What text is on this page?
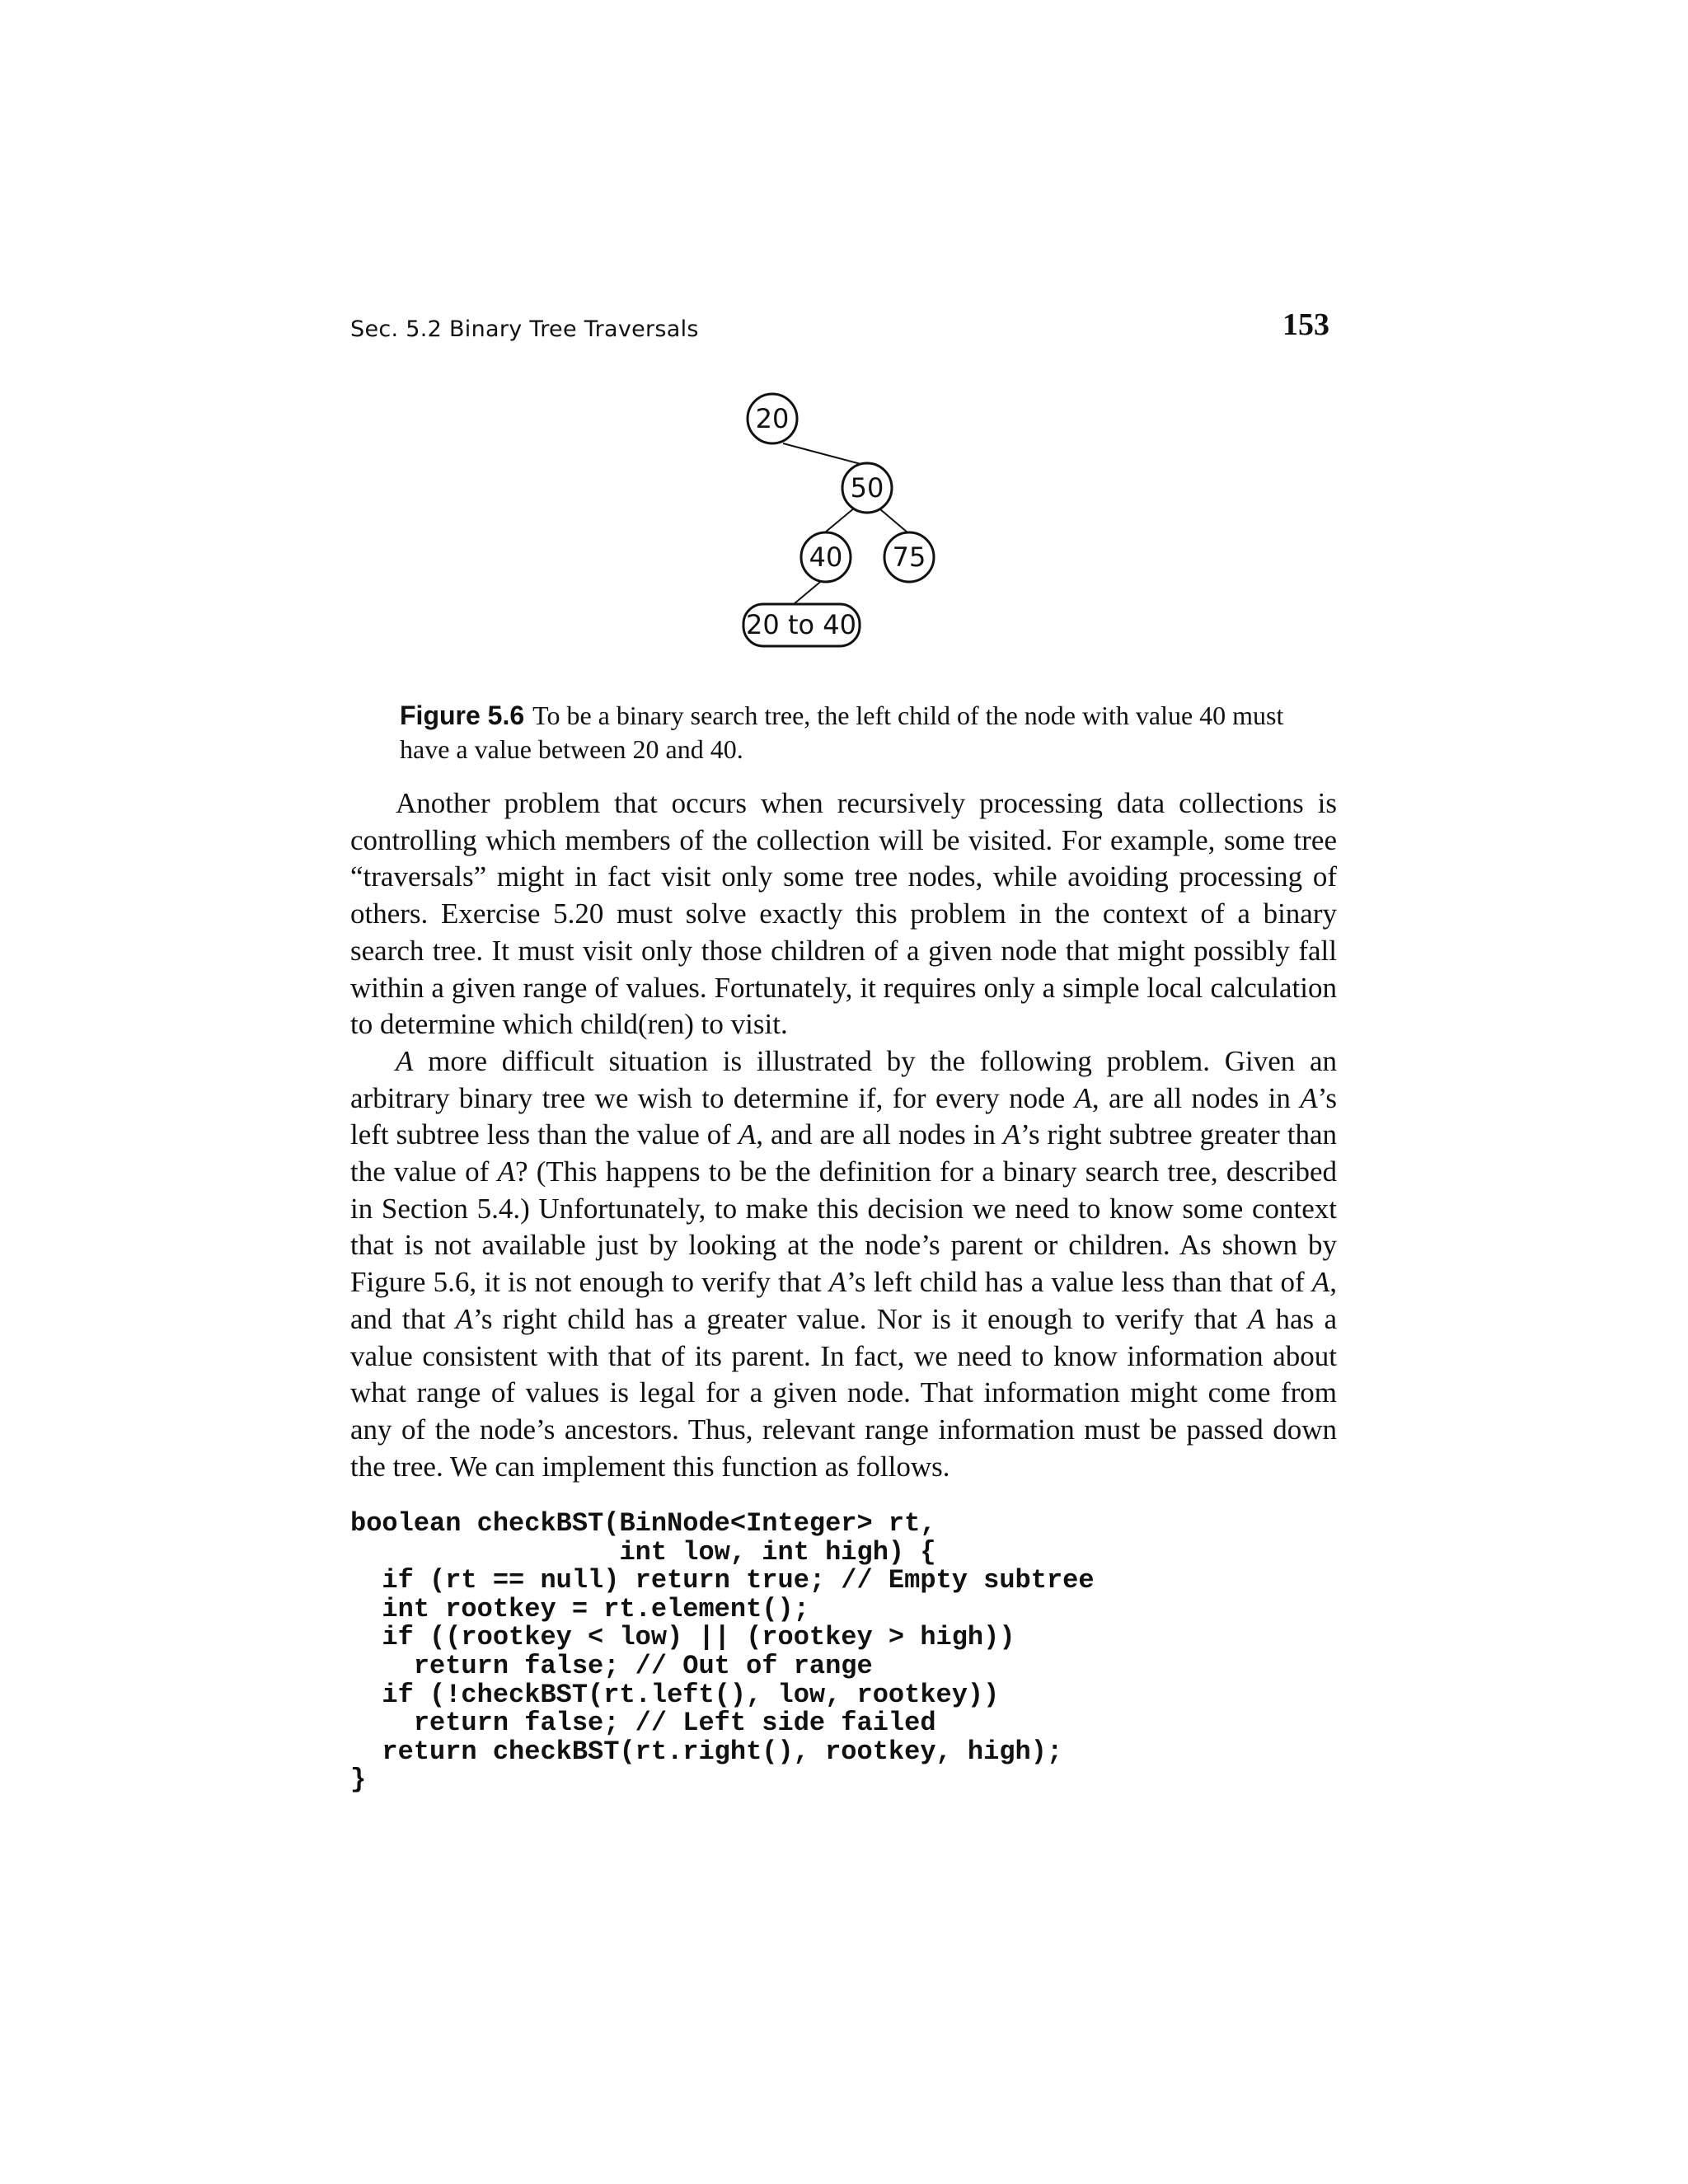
Sec. 5.2 Binary Tree Traversals	153
20
50
40 75
20 to 40
Figure 5.6 To be a binary search tree, the left child of the node with value 40 must have a value between 20 and 40.

Another problem that occurs when recursively processing data collections is controlling which members of the collection will be visited. For example, some tree “traversals” might in fact visit only some tree nodes, while avoiding processing of others. Exercise 5.20 must solve exactly this problem in the context of a binary search tree. It must visit only those children of a given node that might possibly fall within a given range of values. Fortunately, it requires only a simple local calculation to determine which child(ren) to visit.

A more difficult situation is illustrated by the following problem. Given an arbitrary binary tree we wish to determine if, for every node A, are all nodes in A’s left subtree less than the value of A, and are all nodes in A’s right subtree greater than the value of A? (This happens to be the definition for a binary search tree, described in Section 5.4.) Unfortunately, to make this decision we need to know some context that is not available just by looking at the node’s parent or children. As shown by Figure 5.6, it is not enough to verify that A’s left child has a value less than that of A, and that A’s right child has a greater value. Nor is it enough to verify that A has a value consistent with that of its parent. In fact, we need to know information about what range of values is legal for a given node. That information might come from any of the node’s ancestors. Thus, relevant range information must be passed down the tree. We can implement this function as follows.

boolean checkBST(BinNode<Integer> rt,
int low, int high) {
if (rt == null) return true; // Empty subtree
int rootkey = rt.element();
if ((rootkey < low) || (rootkey > high))
return false; // Out of range
if (!checkBST(rt.left(), low, rootkey))
return false; // Left side failed
return checkBST(rt.right(), rootkey, high);
}
